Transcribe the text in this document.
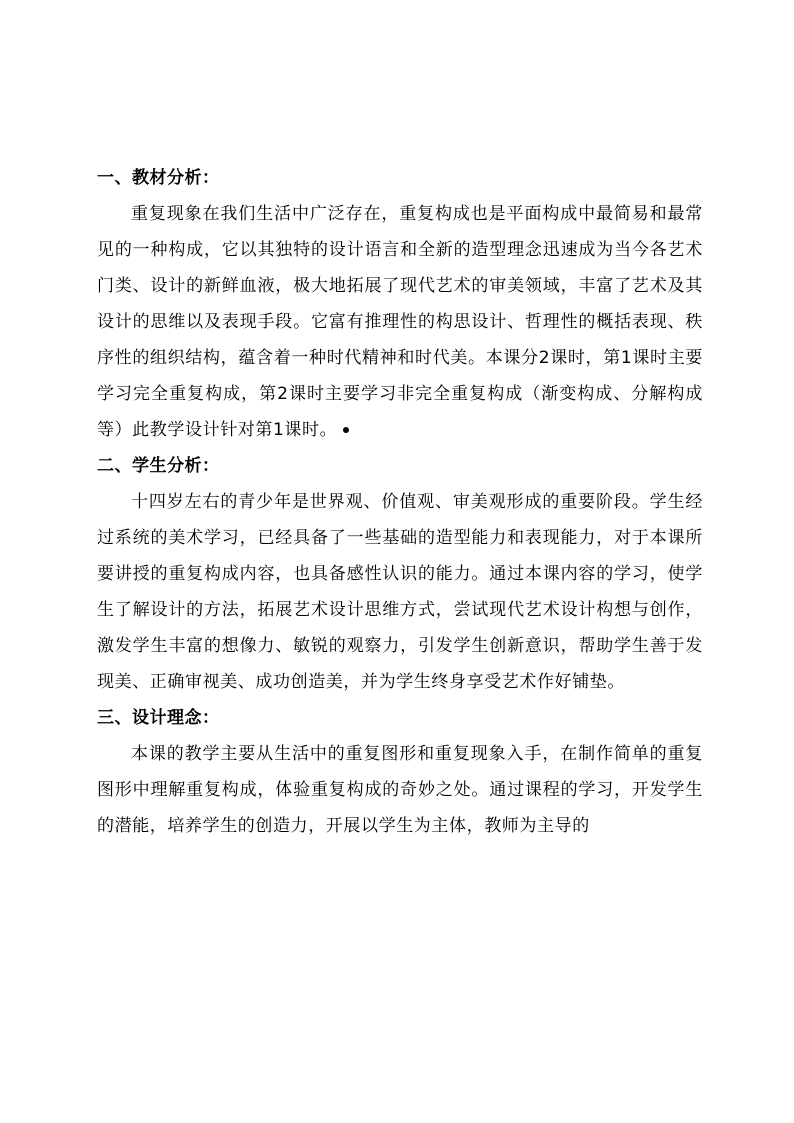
一、教材分析：

重复现象在我们生活中广泛存在，重复构成也是平面构成中最简易和最常见的一种构成，它以其独特的设计语言和全新的造型理念迅速成为当今各艺术门类、设计的新鲜血液，极大地拓展了现代艺术的审美领域，丰富了艺术及其设计的思维以及表现手段。它富有推理性的构思设计、哲理性的概括表现、秩序性的组织结构，蕴含着一种时代精神和时代美。本课分2课时，第1课时主要学习完全重复构成，第2课时主要学习非完全重复构成（渐变构成、分解构成等）此教学设计针对第1课时。

二、学生分析：

十四岁左右的青少年是世界观、价值观、审美观形成的重要阶段。学生经过系统的美术学习，已经具备了一些基础的造型能力和表现能力，对于本课所要讲授的重复构成内容，也具备感性认识的能力。通过本课内容的学习，使学生了解设计的方法，拓展艺术设计思维方式，尝试现代艺术设计构想与创作，激发学生丰富的想像力、敏锐的观察力，引发学生创新意识，帮助学生善于发现美、正确审视美、成功创造美，并为学生终身享受艺术作好铺垫。

三、设计理念：

本课的教学主要从生活中的重复图形和重复现象入手，在制作简单的重复图形中理解重复构成，体验重复构成的奇妙之处。通过课程的学习，开发学生的潜能，培养学生的创造力，开展以学生为主体，教师为主导的
